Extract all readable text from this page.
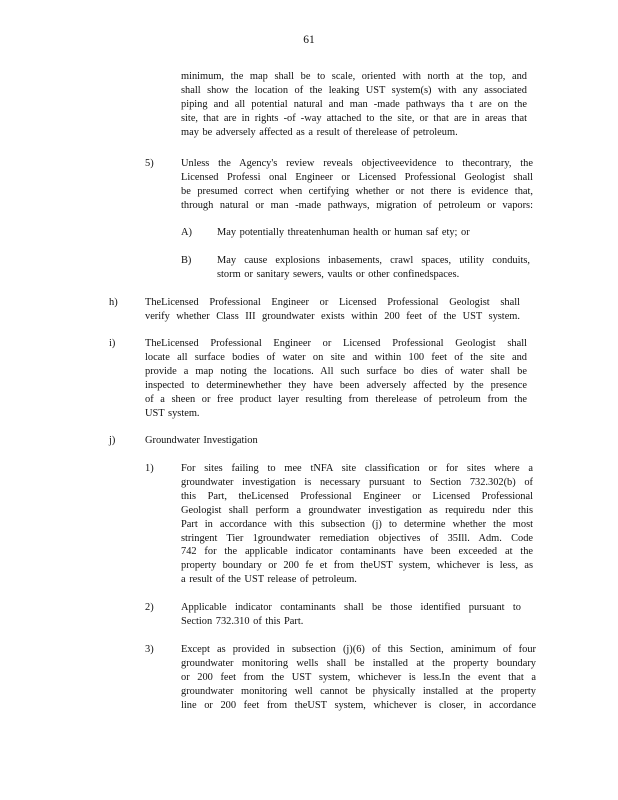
61
minimum, the map shall be to scale, oriented with north at the top, and
shall show the location of the leaking UST system(s) with any associated
piping and all potential natural and man -made pathways tha t are on the
site, that are in rights -of -way attached to the site, or that are in areas that
may be adversely affected as a result of therelease of petroleum.
5)	Unless the Agency's review reveals objectiveevidence to thecontrary, the
Licensed Professi onal Engineer or Licensed Professional Geologist shall
be presumed correct when certifying whether or not there is evidence that,
through natural or man -made pathways, migration of petroleum or vapors:
A) May potentially threatenhuman health or human saf ety; or
B) May cause explosions inbasements, crawl spaces, utility conduits,
storm or sanitary sewers, vaults or other confinedspaces.
h)	TheLicensed Professional Engineer or Licensed Professional Geologist shall
verify whether Class III groundwater exists within 200 feet of the UST system.
i)	TheLicensed Professional Engineer or Licensed Professional Geologist shall
locate all surface bodies of water on site and within 100 feet of the site and
provide a map noting the locations. All such surface bo dies of water shall be
inspected to determinewhether they have been adversely affected by the presence
of a sheen or free product layer resulting from therelease of petroleum from the
UST system.
j)	Groundwater Investigation
1)	For sites failing to mee tNFA site classification or for sites where a
groundwater investigation is necessary pursuant to Section 732.302(b) of
this Part, theLicensed Professional Engineer or Licensed Professional
Geologist shall perform a groundwater investigation as requiredu nder this
Part in accordance with this subsection (j) to determine whether the most
stringent Tier 1groundwater remediation objectives of 35Ill. Adm. Code
742 for the applicable indicator contaminants have been exceeded at the
property boundary or 200 fe et from theUST system, whichever is less, as
a result of the UST release of petroleum.
2)	Applicable indicator contaminants shall be those identified pursuant to
Section 732.310 of this Part.
3)	Except as provided in subsection (j)(6) of this Section, aminimum of four
groundwater monitoring wells shall be installed at the property boundary
or 200 feet from the UST system, whichever is less.In the event that a
groundwater monitoring well cannot be physically installed at the property
line or 200 feet from theUST system, whichever is closer, in accordance
